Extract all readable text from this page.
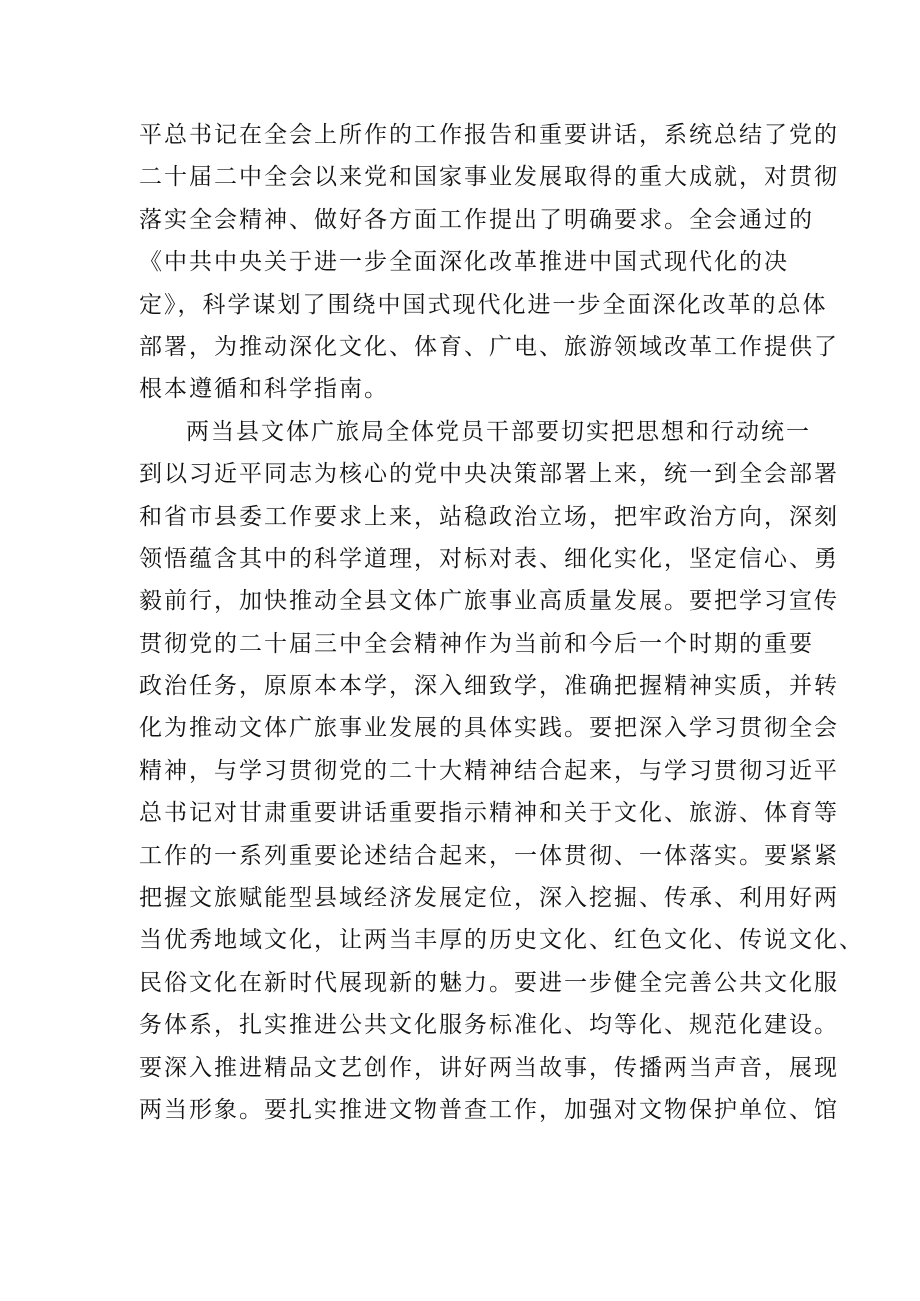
平总书记在全会上所作的工作报告和重要讲话，系统总结了党的
二十届二中全会以来党和国家事业发展取得的重大成就，对贯彻
落实全会精神、做好各方面工作提出了明确要求。全会通过的
《中共中央关于进一步全面深化改革推进中国式现代化的决
定》，科学谋划了围绕中国式现代化进一步全面深化改革的总体
部署，为推动深化文化、体育、广电、旅游领域改革工作提供了
根本遵循和科学指南。
两当县文体广旅局全体党员干部要切实把思想和行动统一
到以习近平同志为核心的党中央决策部署上来，统一到全会部署
和省市县委工作要求上来，站稳政治立场，把牢政治方向，深刻
领悟蕴含其中的科学道理，对标对表、细化实化，坚定信心、勇
毅前行，加快推动全县文体广旅事业高质量发展。要把学习宣传
贯彻党的二十届三中全会精神作为当前和今后一个时期的重要
政治任务，原原本本学，深入细致学，准确把握精神实质，并转
化为推动文体广旅事业发展的具体实践。要把深入学习贯彻全会
精神，与学习贯彻党的二十大精神结合起来，与学习贯彻习近平
总书记对甘肃重要讲话重要指示精神和关于文化、旅游、体育等
工作的一系列重要论述结合起来，一体贯彻、一体落实。要紧紧
把握文旅赋能型县域经济发展定位，深入挖掘、传承、利用好两
当优秀地域文化，让两当丰厚的历史文化、红色文化、传说文化、
民俗文化在新时代展现新的魅力。要进一步健全完善公共文化服
务体系，扎实推进公共文化服务标准化、均等化、规范化建设。
要深入推进精品文艺创作，讲好两当故事，传播两当声音，展现
两当形象。要扎实推进文物普查工作，加强对文物保护单位、馆
